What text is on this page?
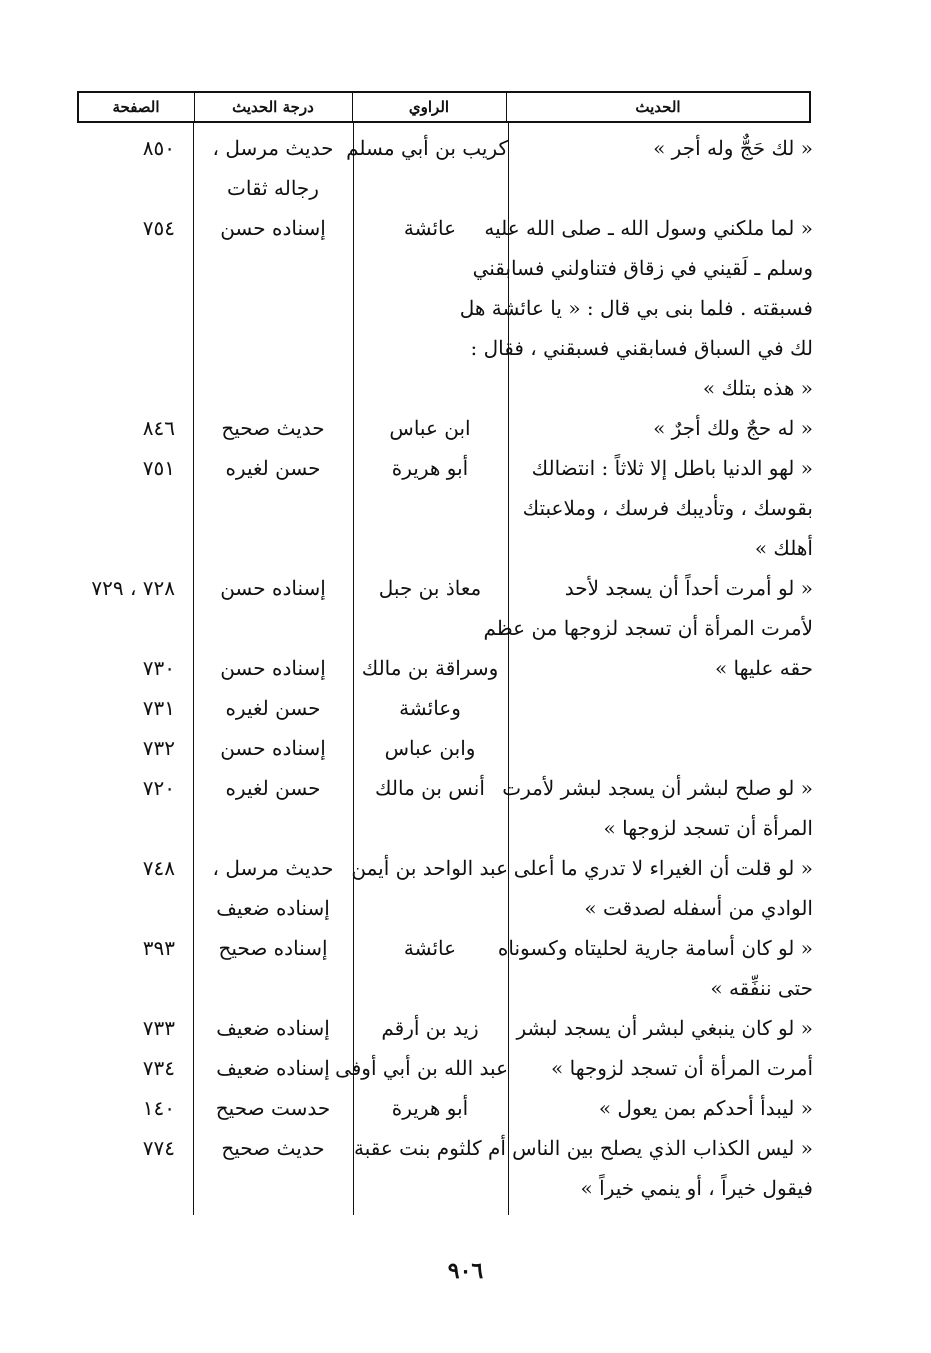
الحديث
الراوي
درجة الحديث
الصفحة
« لك حَجٌّ وله أجر »
كريب بن أبي مسلم
حديث مرسل ،
رجاله ثقات
٨٥٠
« لما ملكني وسول الله ـ صلى الله عليه
وسلم ـ لَقيني في زقاق فتناولني فسابقني
فسبقته . فلما بنى بي قال : « يا عائشة هل
لك في السباق فسابقني فسبقني ، فقال :
« هذه بتلك »
عائشة
إسناده حسن
٧٥٤
« له حجٌ ولك أجرٌ »
ابن عباس
حديث صحيح
٨٤٦
« لهو الدنيا باطل إلا ثلاثاً : انتضالك
بقوسك ، وتأديبك فرسك ، وملاعبتك
أهلك »
أبو هريرة
حسن لغيره
٧٥١
« لو أمرت أحداً أن يسجد لأحد
لأمرت المرأة أن تسجد لزوجها من عظم
معاذ بن جبل
إسناده حسن
٧٢٨ ، ٧٢٩
حقه عليها »
وسراقة بن مالك
إسناده حسن
٧٣٠
وعائشة
حسن لغيره
٧٣١
وابن عباس
إسناده حسن
٧٣٢
« لو صلح لبشر أن يسجد لبشر لأمرت
المرأة أن تسجد لزوجها »
أنس بن مالك
حسن لغيره
٧٢٠
« لو قلت أن الغيراء لا تدري ما أعلى
الوادي من أسفله لصدقت »
عبد الواحد بن أيمن
حديث مرسل ،
إسناده ضعيف
٧٤٨
« لو كان أسامة جارية لحليتاه وكسوناه
حتى ننفِّقه »
عائشة
إسناده صحيح
٣٩٣
« لو كان ينبغي لبشر أن يسجد لبشر
زيد بن أرقم
إسناده ضعيف
٧٣٣
أمرت المرأة أن تسجد لزوجها »
عبد الله بن أبي أوفى
إسناده ضعيف
٧٣٤
« ليبدأ أحدكم بمن يعول »
أبو هريرة
حدست صحيح
١٤٠
« ليس الكذاب الذي يصلح بين الناس
فيقول خيراً ، أو ينمي خيراً »
أم كلثوم بنت عقبة
حديث صحيح
٧٧٤
٩٠٦
